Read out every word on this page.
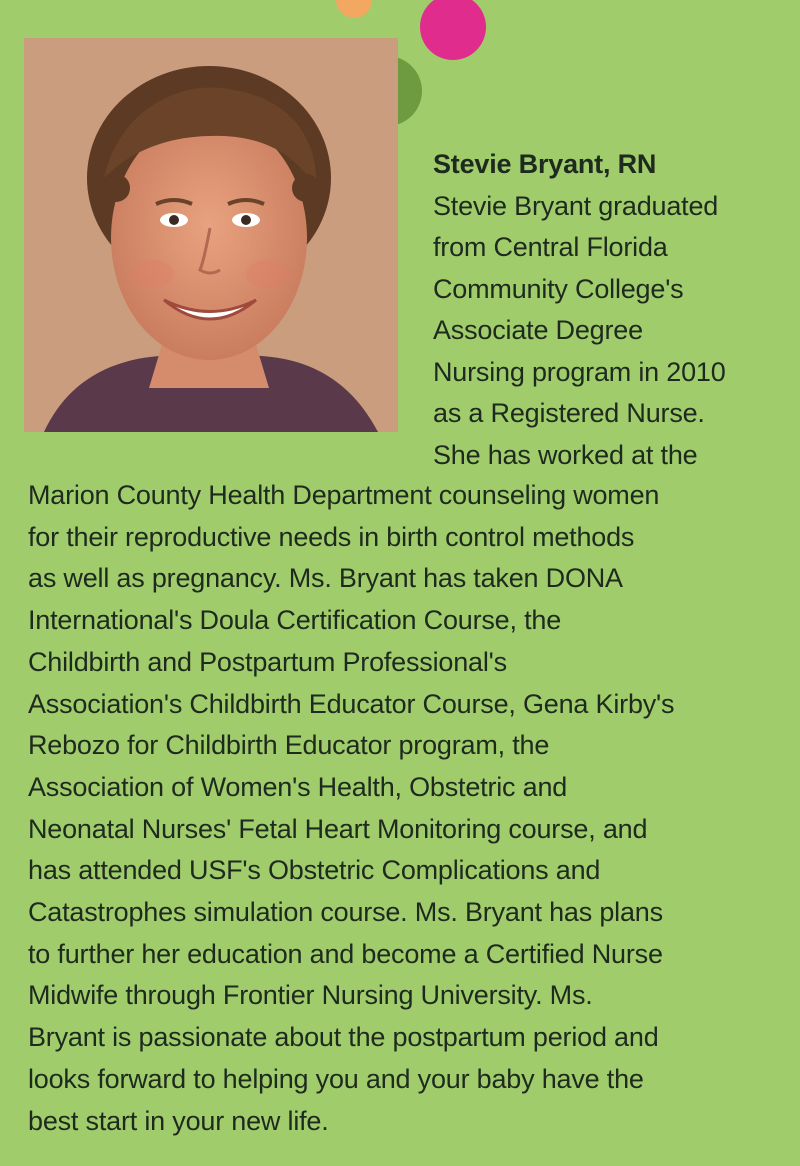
Stevie Bryant, RN

Stevie Bryant graduated
from Central Florida
Community College's
Associate Degree
Nursing program in 2010
as a Registered Nurse.
She has worked at the

Marion County Health Department counseling women
for their reproductive needs in birth control methods
as well as pregnancy. Ms. Bryant has taken DONA
International's Doula Certification Course, the
Childbirth and Postpartum Professional's
Association's Childbirth Educator Course, Gena Kirby's
Rebozo for Childbirth Educator program, the
Association of Women's Health, Obstetric and
Neonatal Nurses' Fetal Heart Monitoring course, and
has attended USF's Obstetric Complications and
Catastrophes simulation course. Ms. Bryant has plans
to further her education and become a Certified Nurse
Midwife through Frontier Nursing University. Ms.
Bryant is passionate about the postpartum period and
looks forward to helping you and your baby have the
best start in your new life.
